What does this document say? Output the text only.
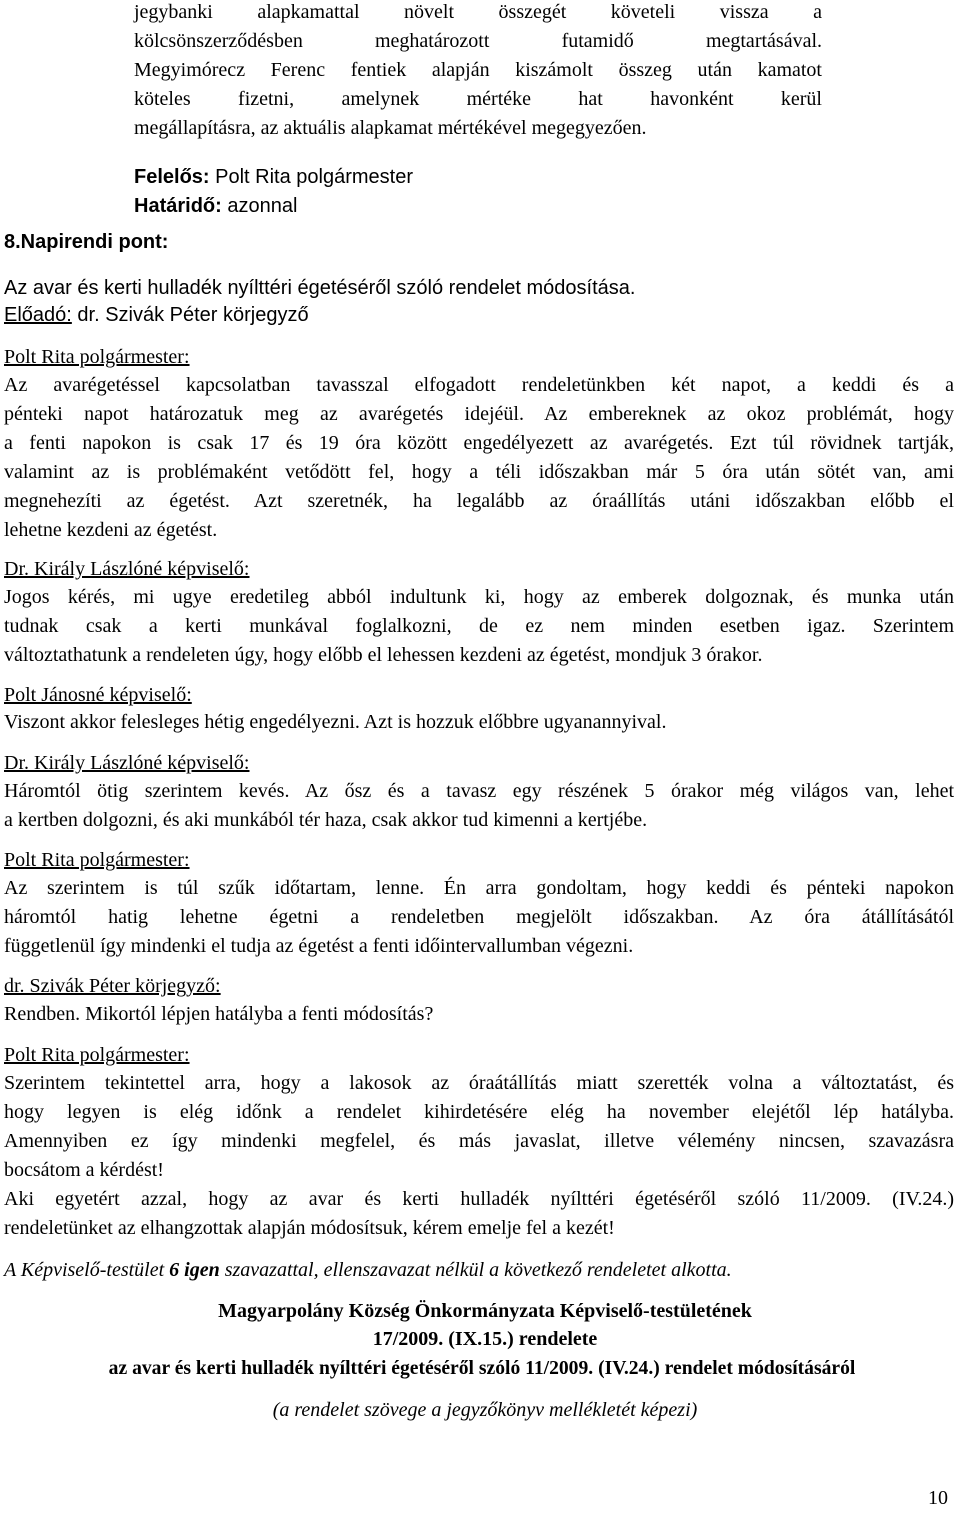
jegybanki alapkamattal növelt összegét követeli vissza a
kölcsönszerződésben meghatározott futamidő megtartásával.
Megyimórecz Ferenc fentiek alapján kiszámolt összeg után kamatot
köteles fizetni, amelynek mértéke hat havonként kerül
megállapításra, az aktuális alapkamat mértékével megegyezően.
Felelős: Polt Rita polgármester
Határidő: azonnal
8.Napirendi pont:
Az avar és kerti hulladék nyílttéri égetéséről szóló rendelet módosítása.
Előadó: dr. Szivák Péter körjegyző
Polt Rita polgármester:
Az avarégetéssel kapcsolatban tavasszal elfogadott rendeletünkben két napot, a keddi és a
pénteki napot határozatuk meg az avarégetés idejéül. Az embereknek az okoz problémát, hogy
a fenti napokon is csak 17 és 19 óra között engedélyezett az avarégetés. Ezt túl rövidnek tartják,
valamint az is problémaként vetődött fel, hogy a téli időszakban már 5 óra után sötét van, ami
megnehezíti az égetést. Azt szeretnék, ha legalább az óraállítás utáni időszakban előbb el
lehetne kezdeni az égetést.
Dr. Király Lászlóné képviselő:
Jogos kérés, mi ugye eredetileg abból indultunk ki, hogy az emberek dolgoznak, és munka után
tudnak csak a kerti munkával foglalkozni, de ez nem minden esetben igaz. Szerintem
változtathatunk a rendeleten úgy, hogy előbb el lehessen kezdeni az égetést, mondjuk 3 órakor.
Polt Jánosné képviselő:
Viszont akkor felesleges hétig engedélyezni. Azt is hozzuk előbbre ugyanannyival.
Dr. Király Lászlóné képviselő:
Háromtól ötig szerintem kevés. Az ősz és a tavasz egy részének 5 órakor még világos van, lehet
a kertben dolgozni, és aki munkából tér haza, csak akkor tud kimenni a kertjébe.
Polt Rita polgármester:
Az szerintem is túl szűk időtartam, lenne. Én arra gondoltam, hogy keddi és pénteki napokon
háromtól hatig lehetne égetni a rendeletben megjelölt időszakban. Az óra átállításától
függetlenül így mindenki el tudja az égetést a fenti időintervallumban végezni.
dr. Szivák Péter körjegyző:
Rendben. Mikortól lépjen hatályba a fenti módosítás?
Polt Rita polgármester:
Szerintem tekintettel arra, hogy a lakosok az óraátállítás miatt szerették volna a változtatást, és
hogy legyen is elég időnk a rendelet kihirdetésére elég ha november elejétől lép hatályba.
Amennyiben ez így mindenki megfelel, és más javaslat, illetve vélemény nincsen, szavazásra
bocsátom a kérdést!
Aki egyetért azzal, hogy az avar és kerti hulladék nyílttéri égetéséről szóló 11/2009. (IV.24.)
rendeletünket az elhangzottak alapján módosítsuk, kérem emelje fel a kezét!
A Képviselő-testület 6 igen szavazattal, ellenszavazat nélkül a következő rendeletet alkotta.
Magyarpolány Község Önkormányzata Képviselő-testületének
17/2009. (IX.15.) rendelete
az avar és kerti hulladék nyílttéri égetéséről szóló 11/2009. (IV.24.) rendelet módosításáról
(a rendelet szövege a jegyzőkönyv mellékletét képezi)
10
